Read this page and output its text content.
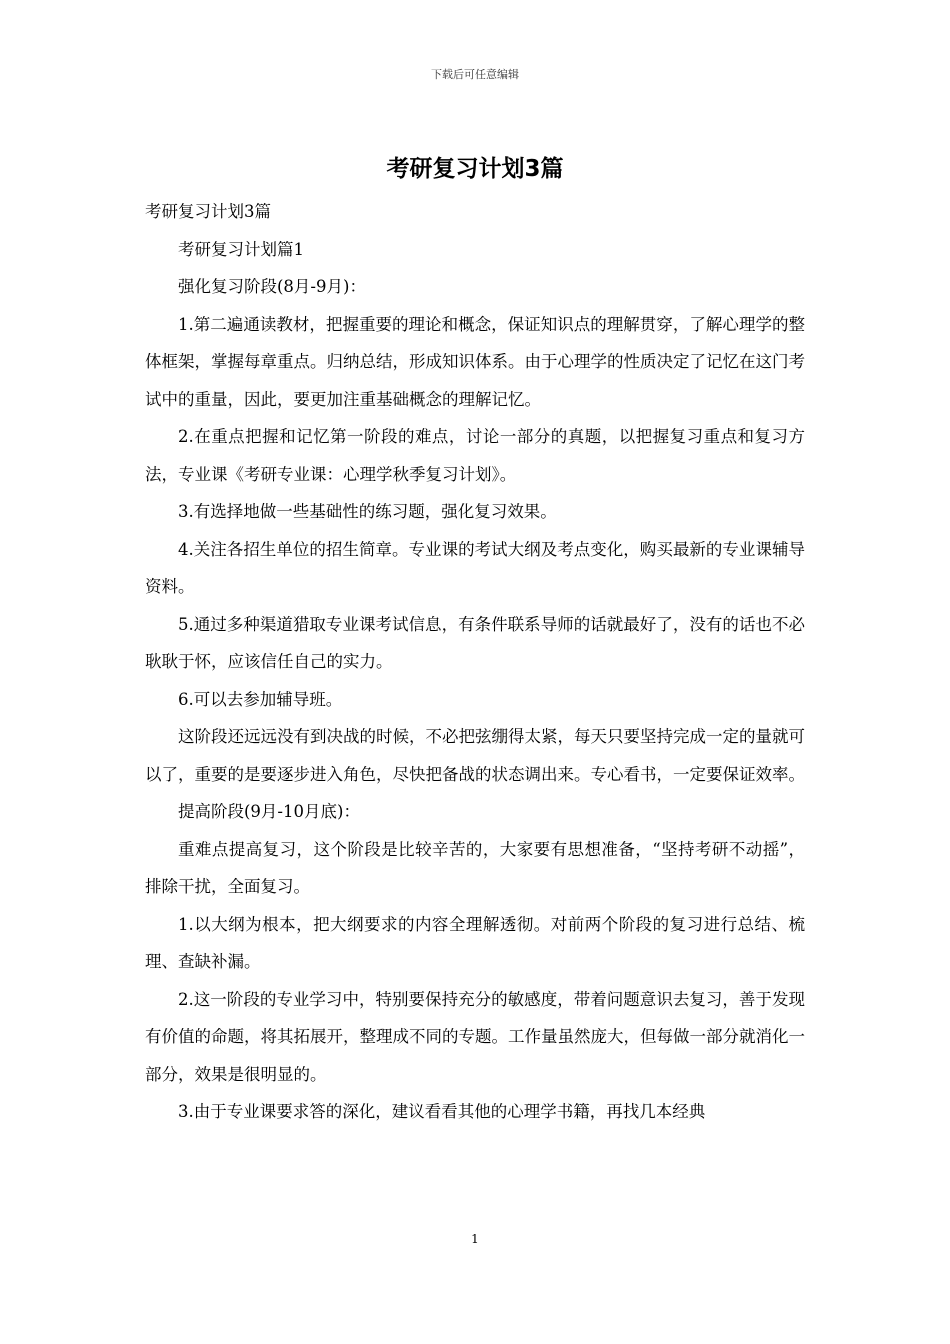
下载后可任意编辑
考研复习计划3篇

考研复习计划3篇

考研复习计划篇1

强化复习阶段(8月-9月)：

1.第二遍通读教材，把握重要的理论和概念，保证知识点的理解贯穿，了解心理学的整体框架，掌握每章重点。归纳总结，形成知识体系。由于心理学的性质决定了记忆在这门考试中的重量，因此，要更加注重基础概念的理解记忆。

2.在重点把握和记忆第一阶段的难点，讨论一部分的真题，以把握复习重点和复习方法，专业课《考研专业课：心理学秋季复习计划》。

3.有选择地做一些基础性的练习题，强化复习效果。

4.关注各招生单位的招生简章。专业课的考试大纲及考点变化，购买最新的专业课辅导资料。

5.通过多种渠道猎取专业课考试信息，有条件联系导师的话就最好了，没有的话也不必耿耿于怀，应该信任自己的实力。

6.可以去参加辅导班。

这阶段还远远没有到决战的时候，不必把弦绷得太紧，每天只要坚持完成一定的量就可以了，重要的是要逐步进入角色，尽快把备战的状态调出来。专心看书，一定要保证效率。

提高阶段(9月-10月底)：

重难点提高复习，这个阶段是比较辛苦的，大家要有思想准备，“坚持考研不动摇”，排除干扰，全面复习。

1.以大纲为根本，把大纲要求的内容全理解透彻。对前两个阶段的复习进行总结、梳理、查缺补漏。

2.这一阶段的专业学习中，特别要保持充分的敏感度，带着问题意识去复习，善于发现有价值的命题，将其拓展开，整理成不同的专题。工作量虽然庞大，但每做一部分就消化一部分，效果是很明显的。

3.由于专业课要求答的深化，建议看看其他的心理学书籍，再找几本经典

1
